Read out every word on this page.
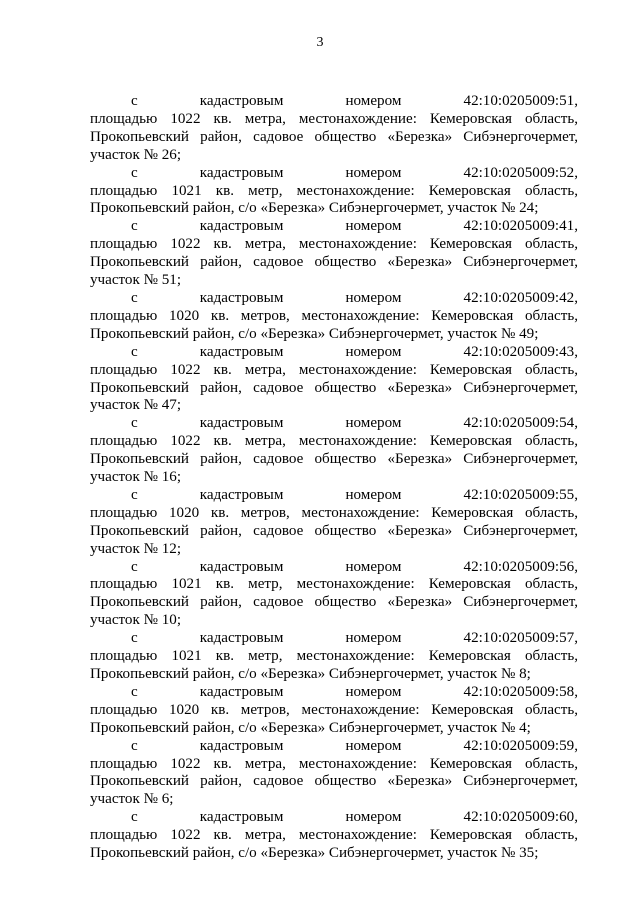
3
с	кадастровым	номером	42:10:0205009:51,
площадью 1022 кв. метра, местонахождение: Кемеровская область, Прокопьевский район, садовое общество «Березка» Сибэнергочермет, участок № 26;
с	кадастровым	номером	42:10:0205009:52,
площадью 1021 кв. метр, местонахождение: Кемеровская область, Прокопьевский район, с/о «Березка» Сибэнергочермет, участок № 24;
с	кадастровым	номером	42:10:0205009:41,
площадью 1022 кв. метра, местонахождение: Кемеровская область, Прокопьевский район, садовое общество «Березка» Сибэнергочермет, участок № 51;
с	кадастровым	номером	42:10:0205009:42,
площадью 1020 кв. метров, местонахождение: Кемеровская область, Прокопьевский район, с/о «Березка» Сибэнергочермет, участок № 49;
с	кадастровым	номером	42:10:0205009:43,
площадью 1022 кв. метра, местонахождение: Кемеровская область, Прокопьевский район, садовое общество «Березка» Сибэнергочермет, участок № 47;
с	кадастровым	номером	42:10:0205009:54,
площадью 1022 кв. метра, местонахождение: Кемеровская область, Прокопьевский район, садовое общество «Березка» Сибэнергочермет, участок № 16;
с	кадастровым	номером	42:10:0205009:55,
площадью 1020 кв. метров, местонахождение: Кемеровская область, Прокопьевский район, садовое общество «Березка» Сибэнергочермет, участок № 12;
с	кадастровым	номером	42:10:0205009:56,
площадью 1021 кв. метр, местонахождение: Кемеровская область, Прокопьевский район, садовое общество «Березка» Сибэнергочермет, участок № 10;
с	кадастровым	номером	42:10:0205009:57,
площадью 1021 кв. метр, местонахождение: Кемеровская область, Прокопьевский район, с/о «Березка» Сибэнергочермет, участок № 8;
с	кадастровым	номером	42:10:0205009:58,
площадью 1020 кв. метров, местонахождение: Кемеровская область, Прокопьевский район, с/о «Березка» Сибэнергочермет, участок № 4;
с	кадастровым	номером	42:10:0205009:59,
площадью 1022 кв. метра, местонахождение: Кемеровская область, Прокопьевский район, садовое общество «Березка» Сибэнергочермет, участок № 6;
с	кадастровым	номером	42:10:0205009:60,
площадью 1022 кв. метра, местонахождение: Кемеровская область, Прокопьевский район, с/о «Березка» Сибэнергочермет, участок № 35;
